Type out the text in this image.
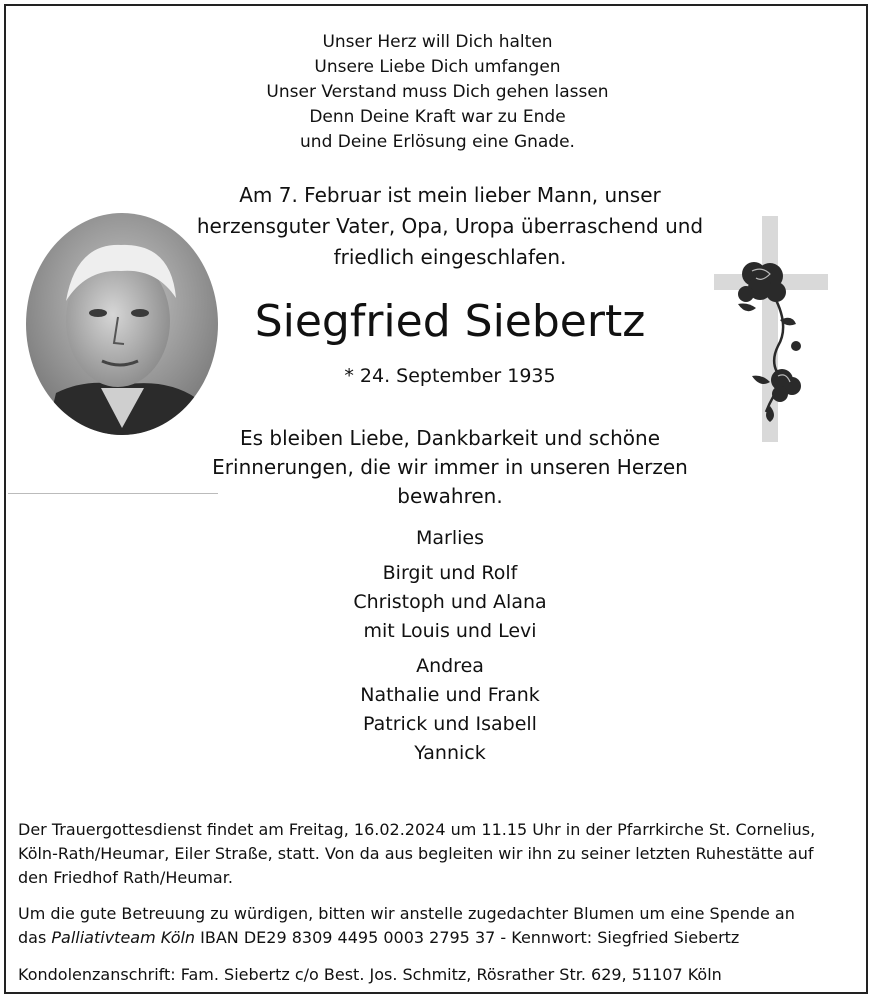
Unser Herz will Dich halten
Unsere Liebe Dich umfangen
Unser Verstand muss Dich gehen lassen
Denn Deine Kraft war zu Ende
und Deine Erlösung eine Gnade.
Am 7. Februar ist mein lieber Mann, unser
herzensguter Vater, Opa, Uropa überraschend und
friedlich eingeschlafen.
Siegfried Siebertz
* 24. September 1935
Es bleiben Liebe, Dankbarkeit und schöne
Erinnerungen, die wir immer in unseren Herzen
bewahren.
Marlies
Birgit und Rolf
Christoph und Alana
mit Louis und Levi
Andrea
Nathalie und Frank
Patrick und Isabell
Yannick
Der Trauergottesdienst findet am Freitag, 16.02.2024 um 11.15 Uhr in der Pfarrkirche St. Cornelius,
Köln-Rath/Heumar, Eiler Straße, statt. Von da aus begleiten wir ihn zu seiner letzten Ruhestätte auf
den Friedhof Rath/Heumar.
Um die gute Betreuung zu würdigen, bitten wir anstelle zugedachter Blumen um eine Spende an
das Palliativteam Köln IBAN DE29 8309 4495 0003 2795 37 - Kennwort: Siegfried Siebertz
Kondolenzanschrift: Fam. Siebertz c/o Best. Jos. Schmitz, Rösrather Str. 629, 51107 Köln
